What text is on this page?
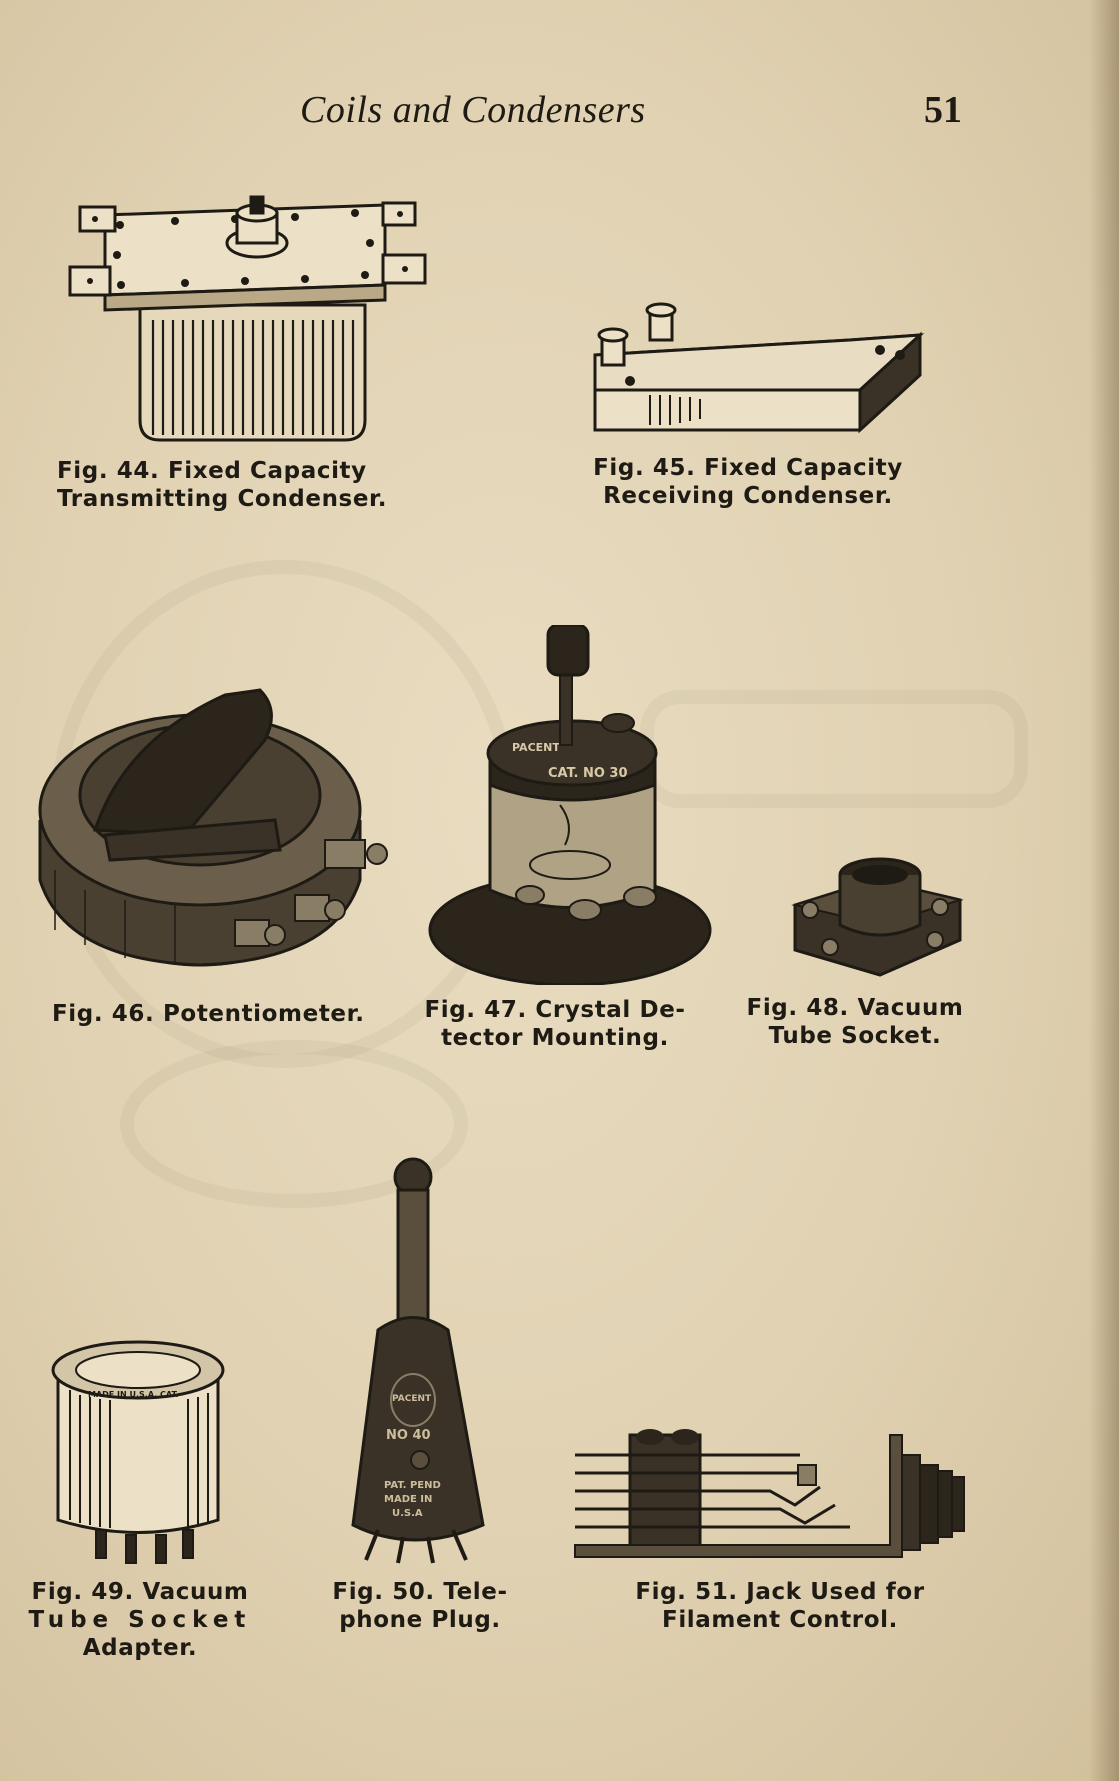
Coils and Condensers	51
PACENT
CAT. NO 30
MADE IN U.S.A. CAT.	PACENT
NO 40
PAT. PEND
MADE IN
U.S.A
Fig. 44. Fixed Capacity
Transmitting Condenser.
Fig. 45. Fixed Capacity
Receiving Condenser.
Fig. 46. Potentiometer.	Fig. 47. Crystal De-
tector Mounting.
Fig. 48. Vacuum
Tube Socket.
Fig. 49. Vacuum
Tube Socket
Adapter.
Fig. 50. Tele-
phone Plug.
Fig. 51. Jack Used for
Filament Control.
